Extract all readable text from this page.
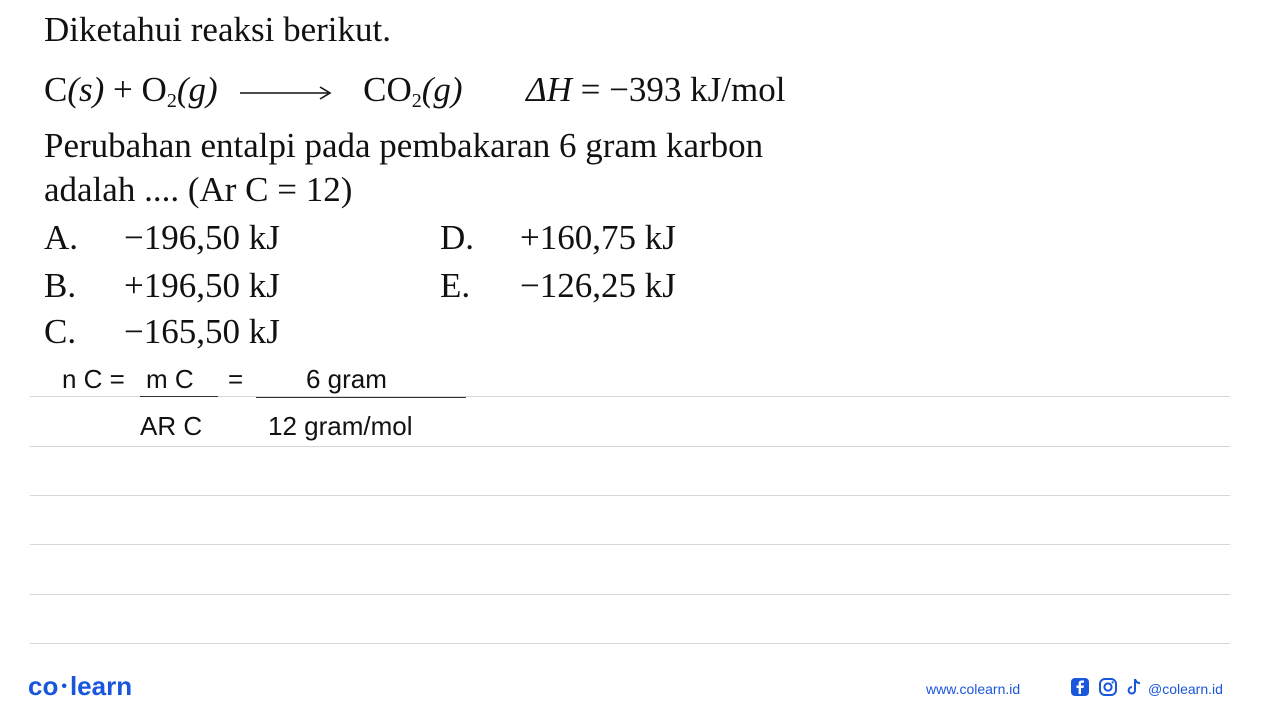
Diketahui reaksi berikut.
$C(s) + O_2(g) \to CO_2(g) \Delta H = -393$ kJ/mol
Perubahan entalpi pada pembakaran 6 gram karbon
adalah .... (Ar C = 12)
A. −196,50 kJ
B. +196,50 kJ
C. −165,50 kJ
D. +160,75 kJ
E. −126,25 kJ
n C = m C = 6 gram
AR C	12 gram/mol
co • learn	www.colearn.id	@colearn.id
